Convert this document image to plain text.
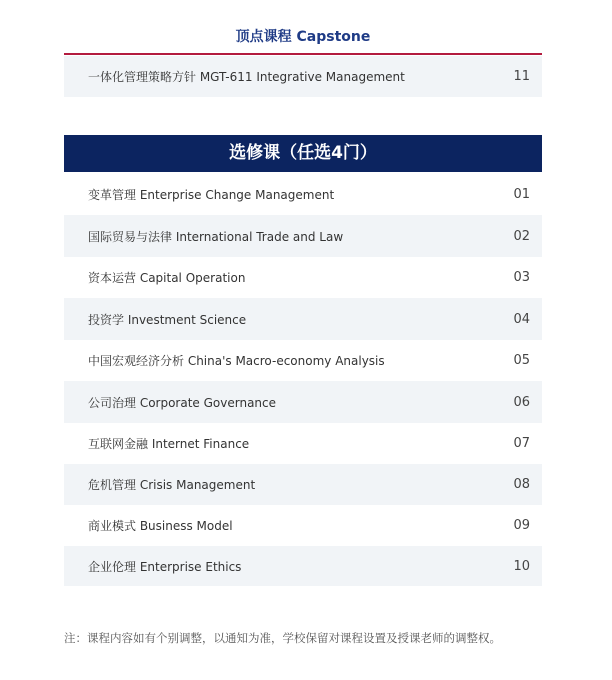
顶点课程 Capstone
一体化管理策略方针 MGT-611 Integrative Management	11
选修课（任选4门）
变革管理 Enterprise Change Management	01
国际贸易与法律 International Trade and Law	02
资本运营 Capital Operation	03
投资学 Investment Science	04
中国宏观经济分析 China's Macro-economy Analysis	05
公司治理 Corporate Governance	06
互联网金融 Internet Finance	07
危机管理 Crisis Management	08
商业模式 Business Model	09
企业伦理 Enterprise Ethics	10
注：课程内容如有个别调整，以通知为准，学校保留对课程设置及授课老师的调整权。
